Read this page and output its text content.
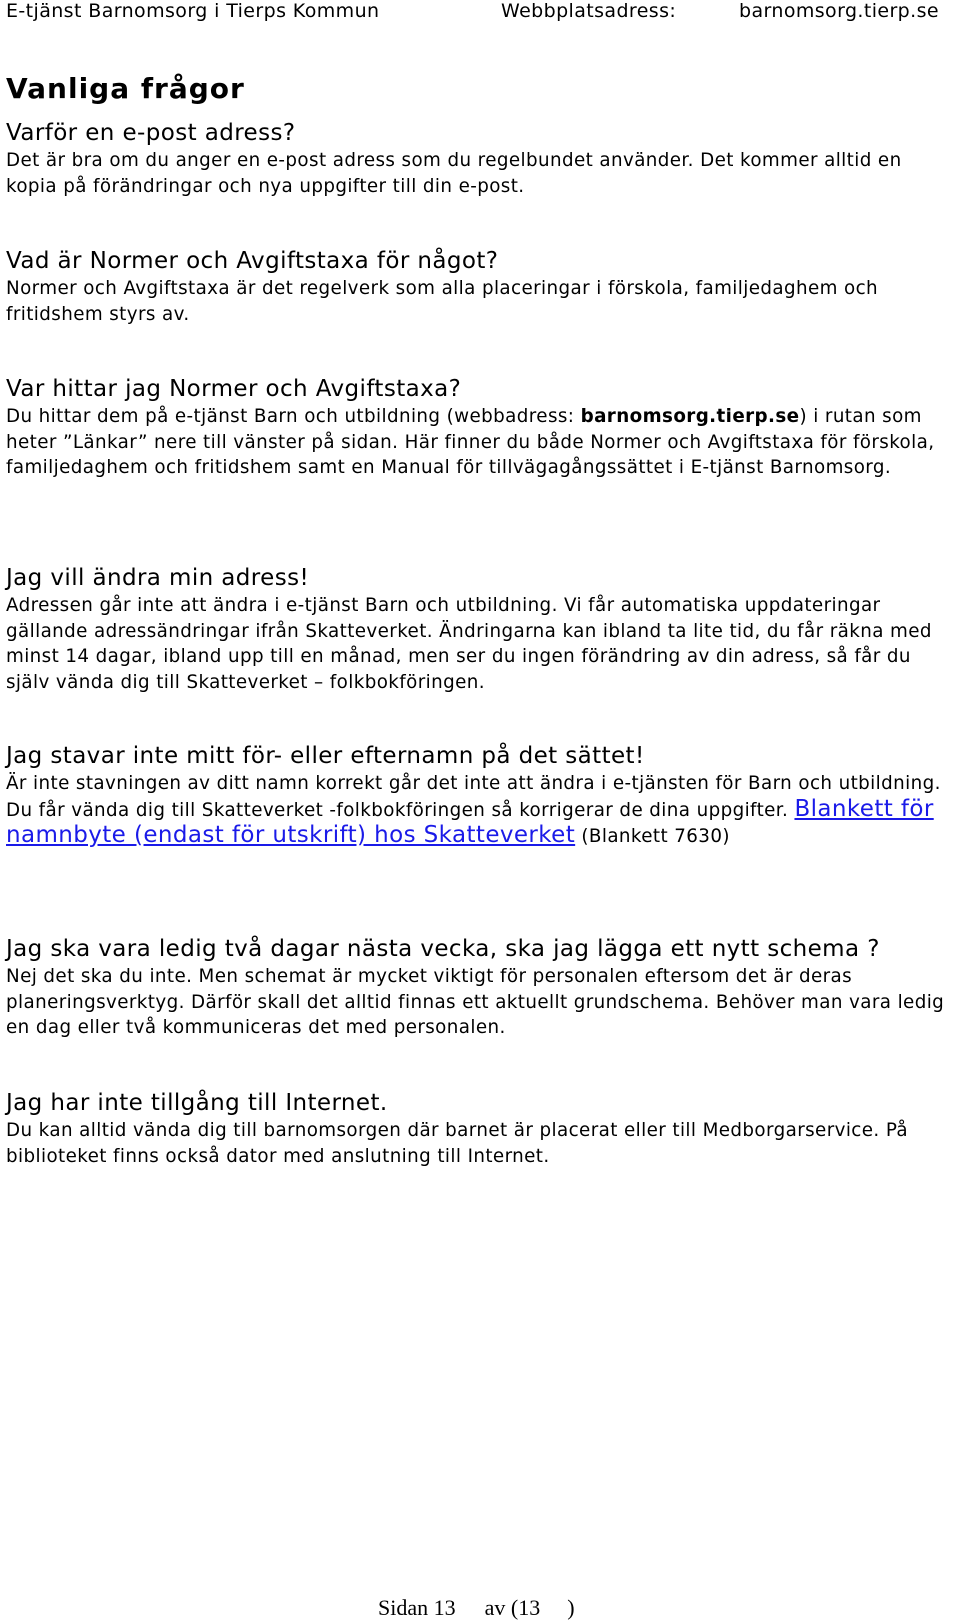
E-tjänst Barnomsorg i Tierps Kommun	Webbplatsadress:	barnomsorg.tierp.se
Vanliga frågor

Varför en e-post adress?

Det är bra om du anger en e-post adress som du regelbundet använder. Det kommer alltid en kopia på förändringar och nya uppgifter till din e-post.

Vad är Normer och Avgiftstaxa för något?

Normer och Avgiftstaxa är det regelverk som alla placeringar i förskola, familjedaghem och fritidshem styrs av.

Var hittar jag Normer och Avgiftstaxa?

Du hittar dem på e-tjänst Barn och utbildning (webbadress: barnomsorg.tierp.se) i rutan som heter ”Länkar” nere till vänster på sidan. Här finner du både Normer och Avgiftstaxa för förskola, familjedaghem och fritidshem samt en Manual för tillvägagångssättet i E-tjänst Barnomsorg.

Jag vill ändra min adress!

Adressen går inte att ändra i e-tjänst Barn och utbildning. Vi får automatiska uppdateringar gällande adressändringar ifrån Skatteverket. Ändringarna kan ibland ta lite tid, du får räkna med minst 14 dagar, ibland upp till en månad, men ser du ingen förändring av din adress, så får du själv vända dig till Skatteverket – folkbokföringen.

Jag stavar inte mitt för- eller efternamn på det sättet!

Är inte stavningen av ditt namn korrekt går det inte att ändra i e-tjänsten för Barn och utbildning. Du får vända dig till Skatteverket -folkbokföringen så korrigerar de dina uppgifter. Blankett för namnbyte (endast för utskrift) hos Skatteverket (Blankett 7630)

Jag ska vara ledig två dagar nästa vecka, ska jag lägga ett nytt schema ?

Nej det ska du inte. Men schemat är mycket viktigt för personalen eftersom det är deras planeringsverktyg. Därför skall det alltid finnas ett aktuellt grundschema. Behöver man vara ledig en dag eller två kommuniceras det med personalen.

Jag har inte tillgång till Internet.

Du kan alltid vända dig till barnomsorgen där barnet är placerat eller till Medborgarservice. På biblioteket finns också dator med anslutning till Internet.

Sidan 13 av (13 )
